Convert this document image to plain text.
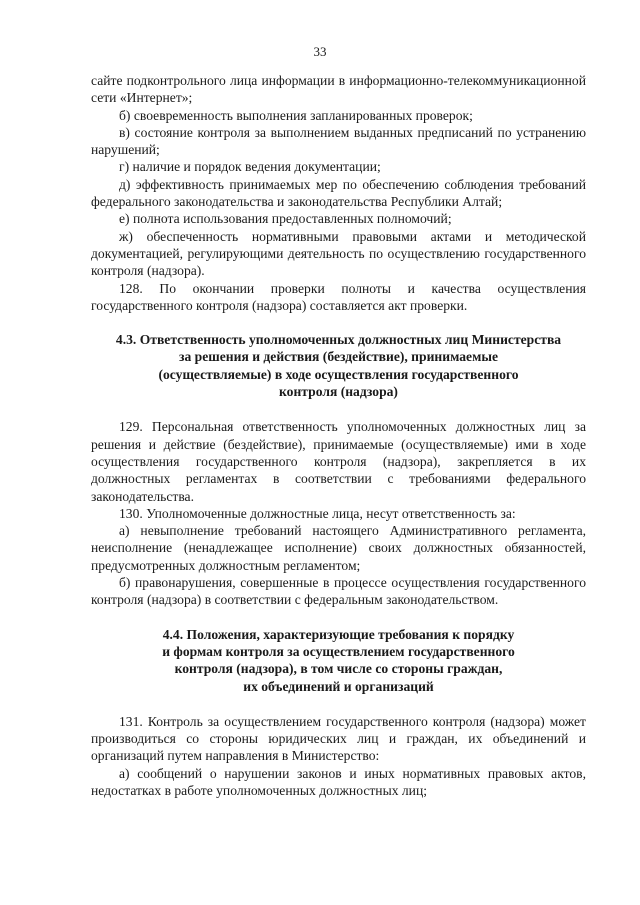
33

сайте подконтрольного лица информации в информационно-телекоммуникационной сети «Интернет»;

б) своевременность выполнения запланированных проверок;

в) состояние контроля за выполнением выданных предписаний по устранению нарушений;

г) наличие и порядок ведения документации;

д) эффективность принимаемых мер по обеспечению соблюдения требований федерального законодательства и законодательства Республики Алтай;

е) полнота использования предоставленных полномочий;

ж) обеспеченность нормативными правовыми актами и методической документацией, регулирующими деятельность по осуществлению государственного контроля (надзора).

128. По окончании проверки полноты и качества осуществления государственного контроля (надзора) составляется акт проверки.

4.3. Ответственность уполномоченных должностных лиц Министерства
за решения и действия (бездействие), принимаемые
(осуществляемые) в ходе осуществления государственного
контроля (надзора)

129. Персональная ответственность уполномоченных должностных лиц за решения и действие (бездействие), принимаемые (осуществляемые) ими в ходе осуществления государственного контроля (надзора), закрепляется в их должностных регламентах в соответствии с требованиями федерального законодательства.

130. Уполномоченные должностные лица, несут ответственность за:

а) невыполнение требований настоящего Административного регламента, неисполнение (ненадлежащее исполнение) своих должностных обязанностей, предусмотренных должностным регламентом;

б) правонарушения, совершенные в процессе осуществления государственного контроля (надзора) в соответствии с федеральным законодательством.

4.4. Положения, характеризующие требования к порядку
и формам контроля за осуществлением государственного
контроля (надзора), в том числе со стороны граждан,
их объединений и организаций

131. Контроль за осуществлением государственного контроля (надзора) может производиться со стороны юридических лиц и граждан, их объединений и организаций путем направления в Министерство:

а) сообщений о нарушении законов и иных нормативных правовых актов, недостатках в работе уполномоченных должностных лиц;
